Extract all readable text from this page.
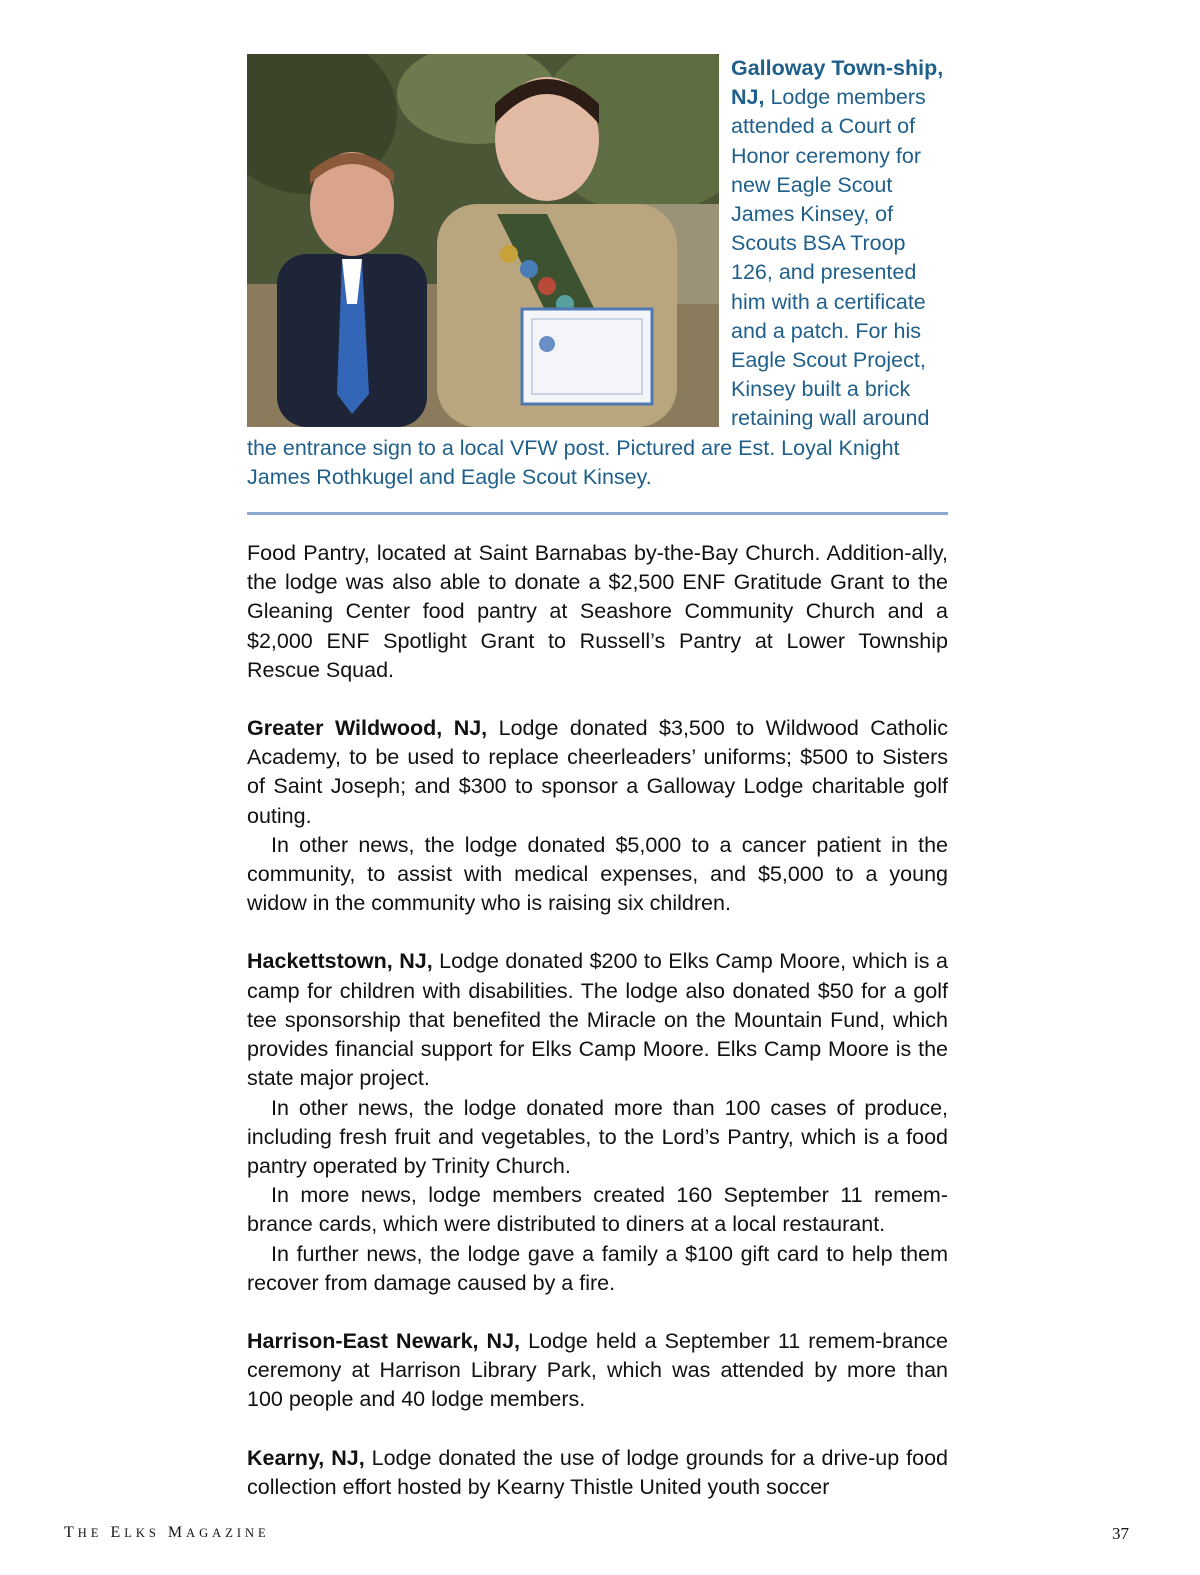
Galloway Town-ship, NJ, Lodge members attended a Court of Honor ceremony for new Eagle Scout James Kinsey, of Scouts BSA Troop 126, and presented him with a certificate and a patch. For his Eagle Scout Project, Kinsey built a brick retaining wall around the entrance sign to a local VFW post. Pictured are Est. Loyal Knight James Rothkugel and Eagle Scout Kinsey.

Food Pantry, located at Saint Barnabas by-the-Bay Church. Addition-ally, the lodge was also able to donate a $2,500 ENF Gratitude Grant to the Gleaning Center food pantry at Seashore Community Church and a $2,000 ENF Spotlight Grant to Russell’s Pantry at Lower Township Rescue Squad.

Greater Wildwood, NJ, Lodge donated $3,500 to Wildwood Catholic Academy, to be used to replace cheerleaders’ uniforms; $500 to Sisters of Saint Joseph; and $300 to sponsor a Galloway Lodge charitable golf outing.

In other news, the lodge donated $5,000 to a cancer patient in the community, to assist with medical expenses, and $5,000 to a young widow in the community who is raising six children.

Hackettstown, NJ, Lodge donated $200 to Elks Camp Moore, which is a camp for children with disabilities. The lodge also donated $50 for a golf tee sponsorship that benefited the Miracle on the Mountain Fund, which provides financial support for Elks Camp Moore. Elks Camp Moore is the state major project.

In other news, the lodge donated more than 100 cases of produce, including fresh fruit and vegetables, to the Lord’s Pantry, which is a food pantry operated by Trinity Church.

In more news, lodge members created 160 September 11 remem-brance cards, which were distributed to diners at a local restaurant.

In further news, the lodge gave a family a $100 gift card to help them recover from damage caused by a fire.

Harrison-East Newark, NJ, Lodge held a September 11 remem-brance ceremony at Harrison Library Park, which was attended by more than 100 people and 40 lodge members.

Kearny, NJ, Lodge donated the use of lodge grounds for a drive-up food collection effort hosted by Kearny Thistle United youth soccer

THE ELKS MAGAZINE	37
